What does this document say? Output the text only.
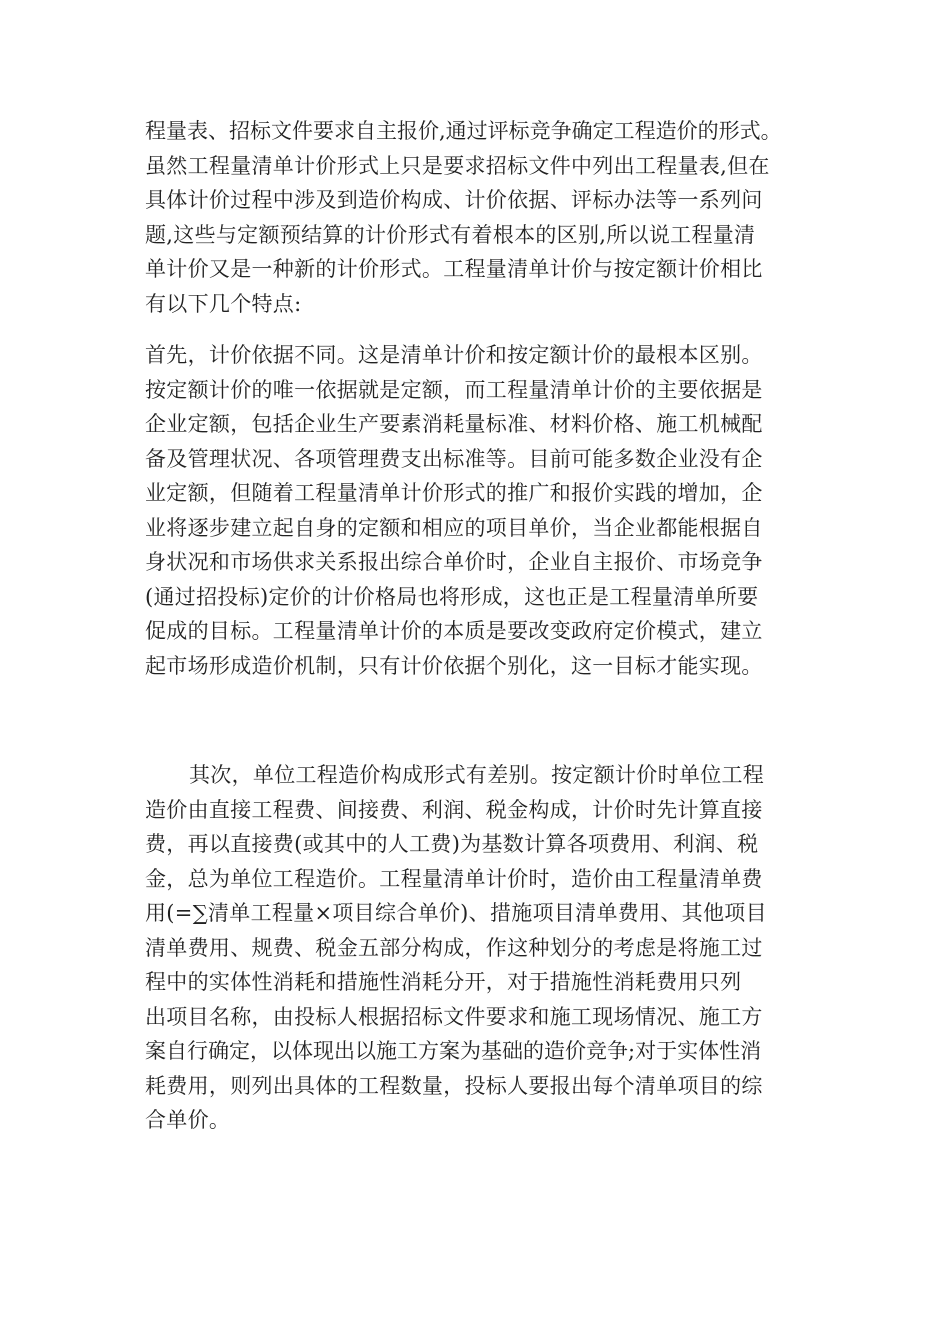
程量表、招标文件要求自主报价,通过评标竞争确定工程造价的形式。
虽然工程量清单计价形式上只是要求招标文件中列出工程量表,但在
具体计价过程中涉及到造价构成、计价依据、评标办法等一系列问
题,这些与定额预结算的计价形式有着根本的区别,所以说工程量清
单计价又是一种新的计价形式。工程量清单计价与按定额计价相比
有以下几个特点:
首先，计价依据不同。这是清单计价和按定额计价的最根本区别。
按定额计价的唯一依据就是定额，而工程量清单计价的主要依据是
企业定额，包括企业生产要素消耗量标准、材料价格、施工机械配
备及管理状况、各项管理费支出标准等。目前可能多数企业没有企
业定额，但随着工程量清单计价形式的推广和报价实践的增加，企
业将逐步建立起自身的定额和相应的项目单价，当企业都能根据自
身状况和市场供求关系报出综合单价时，企业自主报价、市场竞争
(通过招投标)定价的计价格局也将形成，这也正是工程量清单所要
促成的目标。工程量清单计价的本质是要改变政府定价模式，建立
起市场形成造价机制，只有计价依据个别化，这一目标才能实现。
其次，单位工程造价构成形式有差别。按定额计价时单位工程
造价由直接工程费、间接费、利润、税金构成，计价时先计算直接
费，再以直接费(或其中的人工费)为基数计算各项费用、利润、税
金，总为单位工程造价。工程量清单计价时，造价由工程量清单费
用(=∑清单工程量×项目综合单价)、措施项目清单费用、其他项目
清单费用、规费、税金五部分构成，作这种划分的考虑是将施工过
程中的实体性消耗和措施性消耗分开，对于措施性消耗费用只列
出项目名称，由投标人根据招标文件要求和施工现场情况、施工方
案自行确定，以体现出以施工方案为基础的造价竞争;对于实体性消
耗费用，则列出具体的工程数量，投标人要报出每个清单项目的综
合单价。
